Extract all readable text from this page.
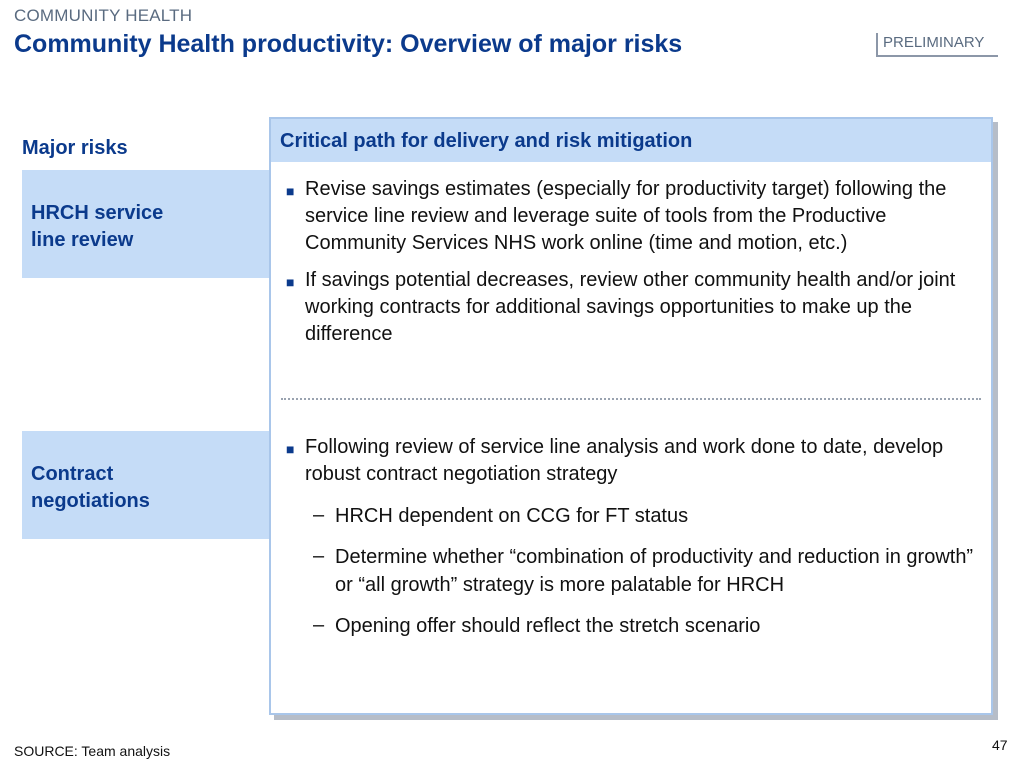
COMMUNITY HEALTH
Community Health productivity: Overview of major risks	PRELIMINARY
Major risks
HRCH service
line review
Contract
negotiations
Critical path for delivery and risk mitigation
■ Revise savings estimates (especially for productivity target) following the service line review and leverage suite of tools from the Productive Community Services NHS work online (time and motion, etc.)
■ If savings potential decreases, review other community health and/or joint working contracts for additional savings opportunities to make up the difference
■ Following review of service line analysis and work done to date, develop robust contract negotiation strategy
– HRCH dependent on CCG for FT status
– Determine whether “combination of productivity and reduction in growth” or “all growth” strategy is more palatable for HRCH
– Opening offer should reflect the stretch scenario
SOURCE: Team analysis	47
